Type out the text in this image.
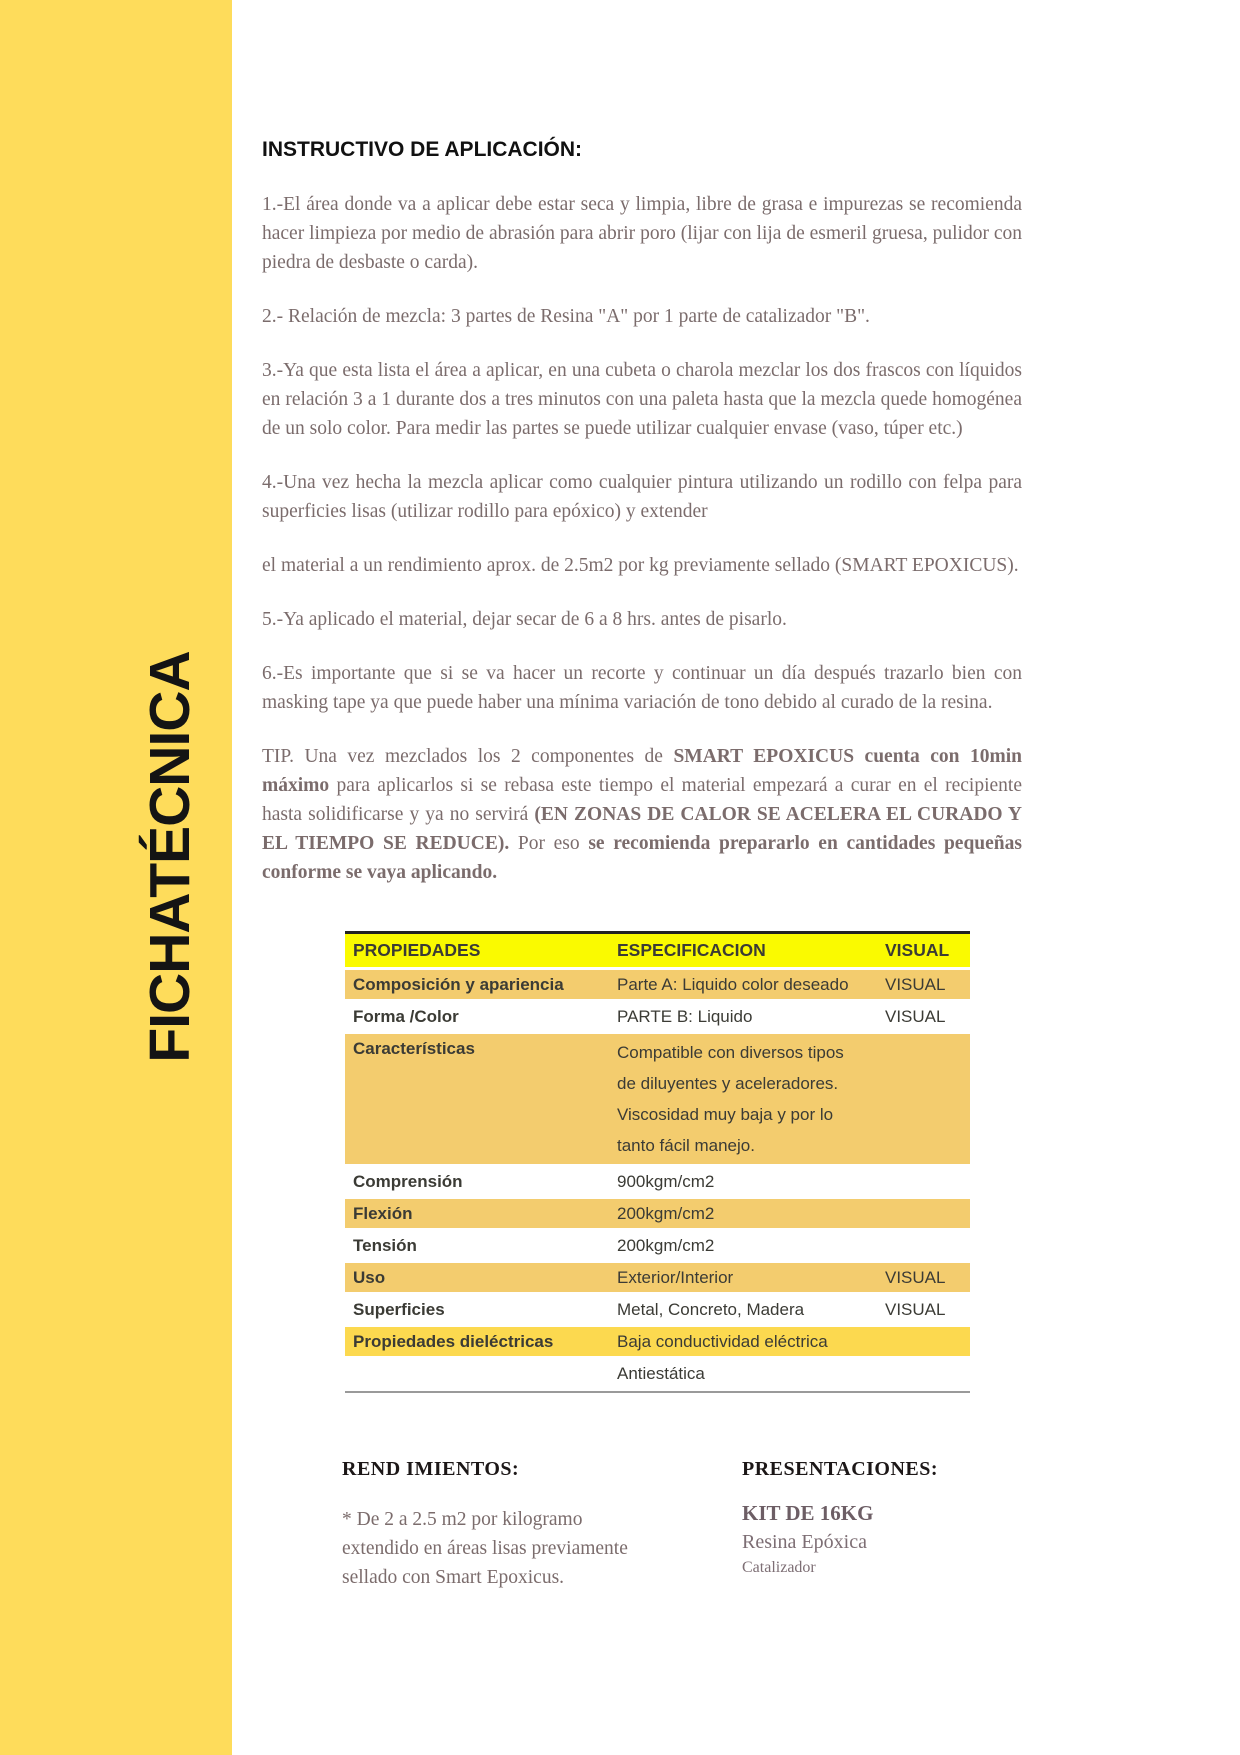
FICHATÉCNICA
INSTRUCTIVO DE APLICACIÓN:

1.-El área donde va a aplicar debe estar seca y limpia, libre de grasa e impurezas se recomienda hacer limpieza por medio de abrasión para abrir poro (lijar con lija de esmeril gruesa, pulidor con piedra de desbaste o carda).

2.- Relación de mezcla: 3 partes de Resina "A" por 1 parte de catalizador "B".

3.-Ya que esta lista el área a aplicar, en una cubeta o charola mezclar los dos frascos con líquidos en relación 3 a 1 durante dos a tres minutos con una paleta hasta que la mezcla quede homogénea de un solo color. Para medir las partes se puede utilizar cualquier envase (vaso, túper etc.)

4.-Una vez hecha la mezcla aplicar como cualquier pintura utilizando un rodillo con felpa para superficies lisas (utilizar rodillo para epóxico) y extender

el material a un rendimiento aprox. de 2.5m2 por kg previamente sellado (SMART EPOXICUS).

5.-Ya aplicado el material, dejar secar de 6 a 8 hrs. antes de pisarlo.

6.-Es importante que si se va hacer un recorte y continuar un día después trazarlo bien con masking tape ya que puede haber una mínima variación de tono debido al curado de la resina.

TIP. Una vez mezclados los 2 componentes de SMART EPOXICUS cuenta con 10min máximo para aplicarlos si se rebasa este tiempo el material empezará a curar en el recipiente hasta solidificarse y ya no servirá (EN ZONAS DE CALOR SE ACELERA EL CURADO Y EL TIEMPO SE REDUCE). Por eso se recomienda prepararlo en cantidades pequeñas conforme se vaya aplicando.

PROPIEDADES	ESPECIFICACION	VISUAL
Composición y apariencia	Parte A: Liquido color deseado	VISUAL
Forma /Color	PARTE B: Liquido	VISUAL
Características	Compatible con diversos tipos
de diluyentes y aceleradores.
Viscosidad muy baja y por lo
tanto fácil manejo.
Comprensión	900kgm/cm2
Flexión	200kgm/cm2
Tensión	200kgm/cm2
Uso	Exterior/Interior	VISUAL
Superficies	Metal, Concreto, Madera	VISUAL
Propiedades dieléctricas	Baja conductividad eléctrica
Antiestática
REND IMIENTOS:
* De 2 a 2.5 m2 por kilogramo extendido en áreas lisas previamente sellado con Smart Epoxicus.
PRESENTACIONES:
KIT DE 16KG
Resina Epóxica
Catalizador
